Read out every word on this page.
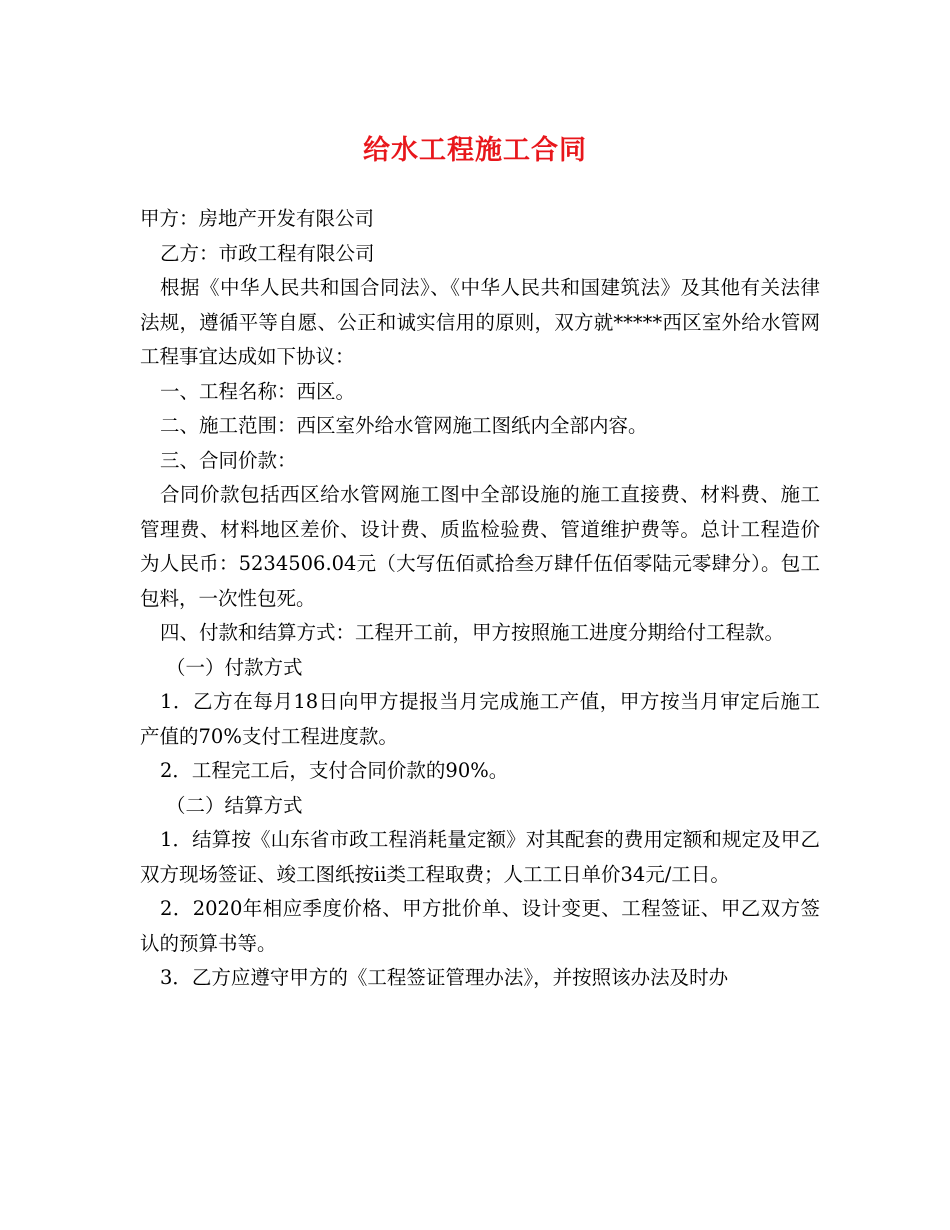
给水工程施工合同

甲方：房地产开发有限公司

乙方：市政工程有限公司

根据《中华人民共和国合同法》、《中华人民共和国建筑法》及其他有关法律法规，遵循平等自愿、公正和诚实信用的原则，双方就*****西区室外给水管网工程事宜达成如下协议：

一、工程名称：西区。

二、施工范围：西区室外给水管网施工图纸内全部内容。

三、合同价款：

合同价款包括西区给水管网施工图中全部设施的施工直接费、材料费、施工管理费、材料地区差价、设计费、质监检验费、管道维护费等。总计工程造价为人民币：5234506.04元（大写伍佰贰拾叁万肆仟伍佰零陆元零肆分）。包工包料，一次性包死。

四、付款和结算方式：工程开工前，甲方按照施工进度分期给付工程款。

（一）付款方式

1．乙方在每月18日向甲方提报当月完成施工产值，甲方按当月审定后施工产值的70%支付工程进度款。

2．工程完工后，支付合同价款的90%。

（二）结算方式

1．结算按《山东省市政工程消耗量定额》对其配套的费用定额和规定及甲乙双方现场签证、竣工图纸按ii类工程取费；人工工日单价34元/工日。

2．2020年相应季度价格、甲方批价单、设计变更、工程签证、甲乙双方签认的预算书等。

3．乙方应遵守甲方的《工程签证管理办法》，并按照该办法及时办
